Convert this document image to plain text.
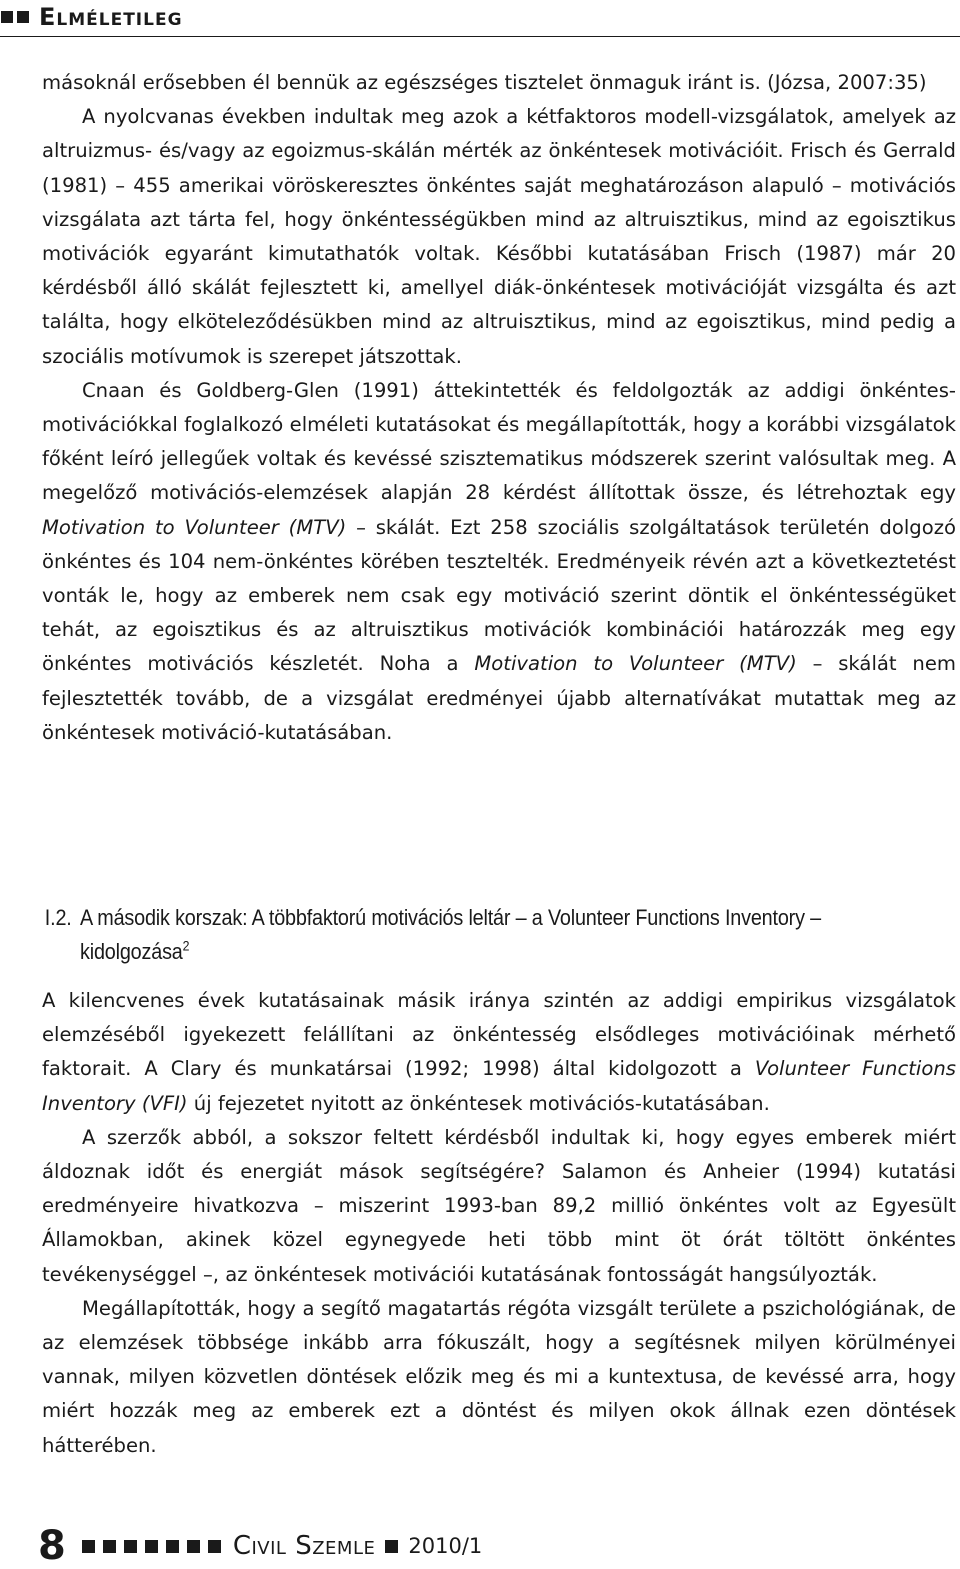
Elméletileg

másoknál erősebben él bennük az egészséges tisztelet önmaguk iránt is. (Józsa, 2007:35)

A nyolcvanas években indultak meg azok a kétfaktoros modell-vizsgálatok, amelyek az altruizmus- és/vagy az egoizmus-skálán mérték az önkéntesek motivációit. Frisch és Gerrald (1981) – 455 amerikai vöröskeresztes önkéntes saját meghatározáson alapuló – motivációs vizsgálata azt tárta fel, hogy önkéntességükben mind az altruisztikus, mind az egoisztikus motivációk egyaránt kimutathatók voltak. Későbbi kutatásában Frisch (1987) már 20 kérdésből álló skálát fejlesztett ki, amellyel diák-önkéntesek motivációját vizsgálta és azt találta, hogy elköteleződésükben mind az altruisztikus, mind az egoisztikus, mind pedig a szociális motívumok is szerepet játszottak.

Cnaan és Goldberg-Glen (1991) áttekintették és feldolgozták az addigi önkéntes-motivációkkal foglalkozó elméleti kutatásokat és megállapították, hogy a korábbi vizsgálatok főként leíró jellegűek voltak és kevéssé szisztematikus módszerek szerint valósultak meg. A megelőző motivációs-elemzések alapján 28 kérdést állítottak össze, és létrehoztak egy Motivation to Volunteer (MTV) – skálát. Ezt 258 szociális szolgáltatások területén dolgozó önkéntes és 104 nem-önkéntes körében tesztelték. Eredményeik révén azt a következtetést vonták le, hogy az emberek nem csak egy motiváció szerint döntik el önkéntességüket tehát, az egoisztikus és az altruisztikus motivációk kombinációi határozzák meg egy önkéntes motivációs készletét. Noha a Motivation to Volunteer (MTV) – skálát nem fejlesztették tovább, de a vizsgálat eredményei újabb alternatívákat mutattak meg az önkéntesek motiváció-kutatásában.

I.2. A második korszak: A többfaktorú motivációs leltár – a Volunteer Functions Inventory – kidolgozása$^2$

A kilencvenes évek kutatásainak másik iránya szintén az addigi empirikus vizsgálatok elemzéséből igyekezett felállítani az önkéntesség elsődleges motivációinak mérhető faktorait. A Clary és munkatársai (1992; 1998) által kidolgozott a Volunteer Functions Inventory (VFI) új fejezetet nyitott az önkéntesek motivációs-kutatásában.

A szerzők abból, a sokszor feltett kérdésből indultak ki, hogy egyes emberek miért áldoznak időt és energiát mások segítségére? Salamon és Anheier (1994) kutatási eredményeire hivatkozva – miszerint 1993-ban 89,2 millió önkéntes volt az Egyesült Államokban, akinek közel egynegyede heti több mint öt órát töltött önkéntes tevékenységgel –, az önkéntesek motivációi kutatásának fontosságát hangsúlyozták.

Megállapították, hogy a segítő magatartás régóta vizsgált területe a pszichológiának, de az elemzések többsége inkább arra fókuszált, hogy a segítésnek milyen körülményei vannak, milyen közvetlen döntések előzik meg és mi a kuntextusa, de kevéssé arra, hogy miért hozzák meg az emberek ezt a döntést és milyen okok állnak ezen döntések hátterében.

8	Civil Szemle 2010/1
